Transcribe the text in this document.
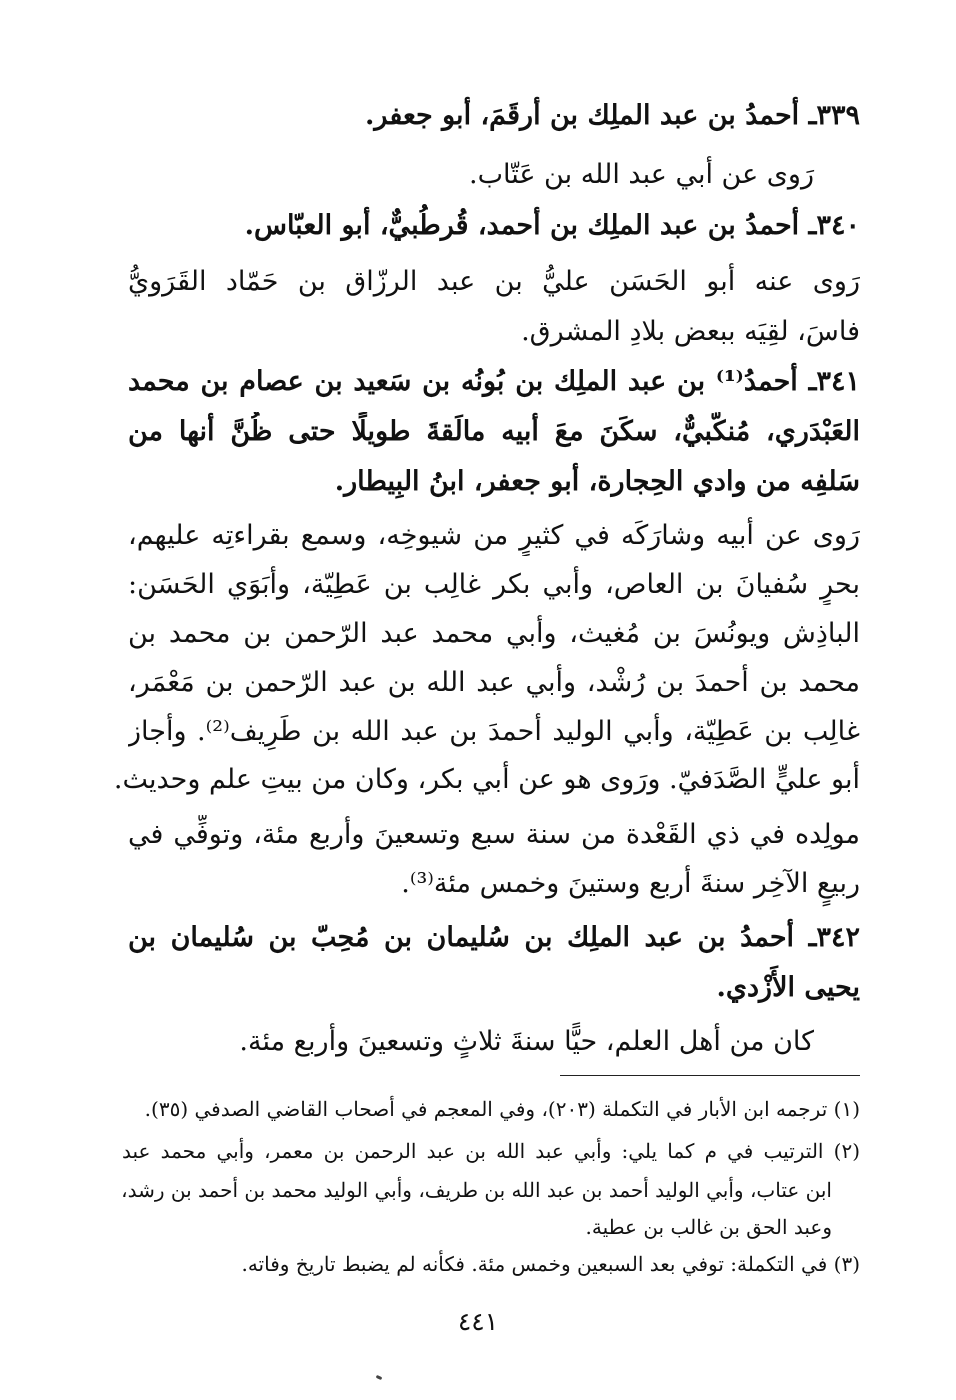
٣٣٩ـ أحمدُ بن عبد الملِك بن أرقَمَ، أبو جعفر.
رَوى عن أبي عبد الله بن عَتّاب.
٣٤٠ـ أحمدُ بن عبد الملِك بن أحمد، قُرطُبيٌّ، أبو العبّاس.
رَوى عنه أبو الحَسَن عليُّ بن عبد الرزّاق بن حَمّاد القَرَويُّ
فاسَ، لقِيَه ببعض بلادِ المشرق.
٣٤١ـ أحمدُ⁽¹⁾ بن عبد الملِك بن بُونُه بن سَعيد بن عصام بن محمد
العَبْدَري، مُنكّبيٌّ، سكَنَ معَ أبيه مالَقةَ طويلًا حتى ظُنَّ أنها من
سَلفِه من وادي الحِجارة، أبو جعفر، ابنُ البِيطار.
رَوى عن أبيه وشارَكَه في كثيرٍ من شيوخِه، وسمع بقراءتِه عليهم،
بحرٍ سُفيانَ بن العاص، وأبي بكر غالِب بن عَطِيّة، وأبَوَي الحَسَن:
الباذِش ويونُسَ بن مُغيث، وأبي محمد عبد الرّحمن بن محمد بن
محمد بن أحمدَ بن رُشْد، وأبي عبد الله بن عبد الرّحمن بن مَعْمَر،
غالِب بن عَطِيّة، وأبي الوليد أحمدَ بن عبد الله بن طَرِيف⁽²⁾. وأجاز
أبو عليٍّ الصَّدَفيّ. ورَوى هو عن أبي بكر، وكان من بيتِ علم وحديث.
مولِده في ذي القَعْدة من سنة سبع وتسعينَ وأربع مئة، وتوفِّي في
ربيعٍ الآخِر سنةَ أربع وستينَ وخمس مئة⁽³⁾.
٣٤٢ـ أحمدُ بن عبد الملِك بن سُليمان بن مُحِبّ بن سُليمان بن
يحيى الأَزْدي.
كان من أهل العلم، حيًّا سنةَ ثلاثٍ وتسعينَ وأربع مئة.
(١) ترجمه ابن الأبار في التكملة (٢٠٣)، وفي المعجم في أصحاب القاضي الصدفي (٣٥).
(٢) الترتيب في م كما يلي: وأبي عبد الله بن عبد الرحمن بن معمر، وأبي محمد عبد
ابن عتاب، وأبي الوليد أحمد بن عبد الله بن طريف، وأبي الوليد محمد بن أحمد بن رشد،
وعبد الحق بن غالب بن عطية.
(٣) في التكملة: توفي بعد السبعين وخمس مئة. فكأنه لم يضبط تاريخ وفاته.
٤٤١
